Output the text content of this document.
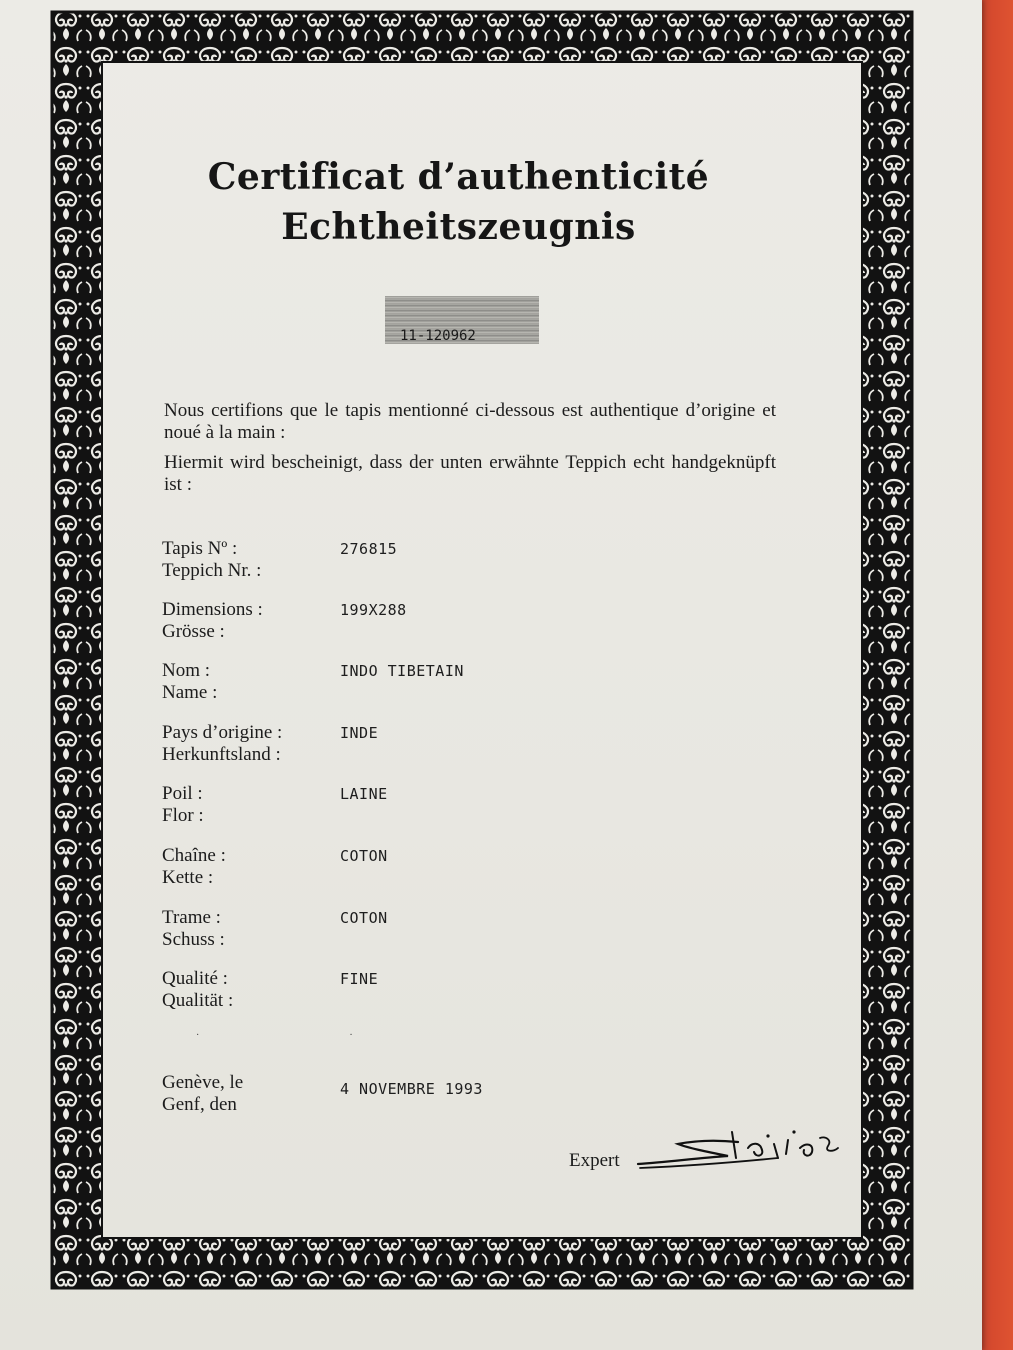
Certificat d’authenticité
Echtheitszeugnis
11-120962
Nous certifions que le tapis mentionné ci-dessous est authentique d’origine et noué à la main :
Hiermit wird bescheinigt, dass der unten erwähnte Teppich echt handgeknüpft ist :
Tapis Nº :
Teppich Nr. :
276815
Dimensions :
Grösse :
199X288
Nom :
Name :
INDO TIBETAIN
Pays d’origine :
Herkunftsland :
INDE
Poil :
Flor :
LAINE
Chaîne :
Kette :
COTON
Trame :
Schuss :
COTON
Qualité :
Qualität :
FINE
·                                                            ·
Genève, le
Genf, den
4 NOVEMBRE 1993
Expert
